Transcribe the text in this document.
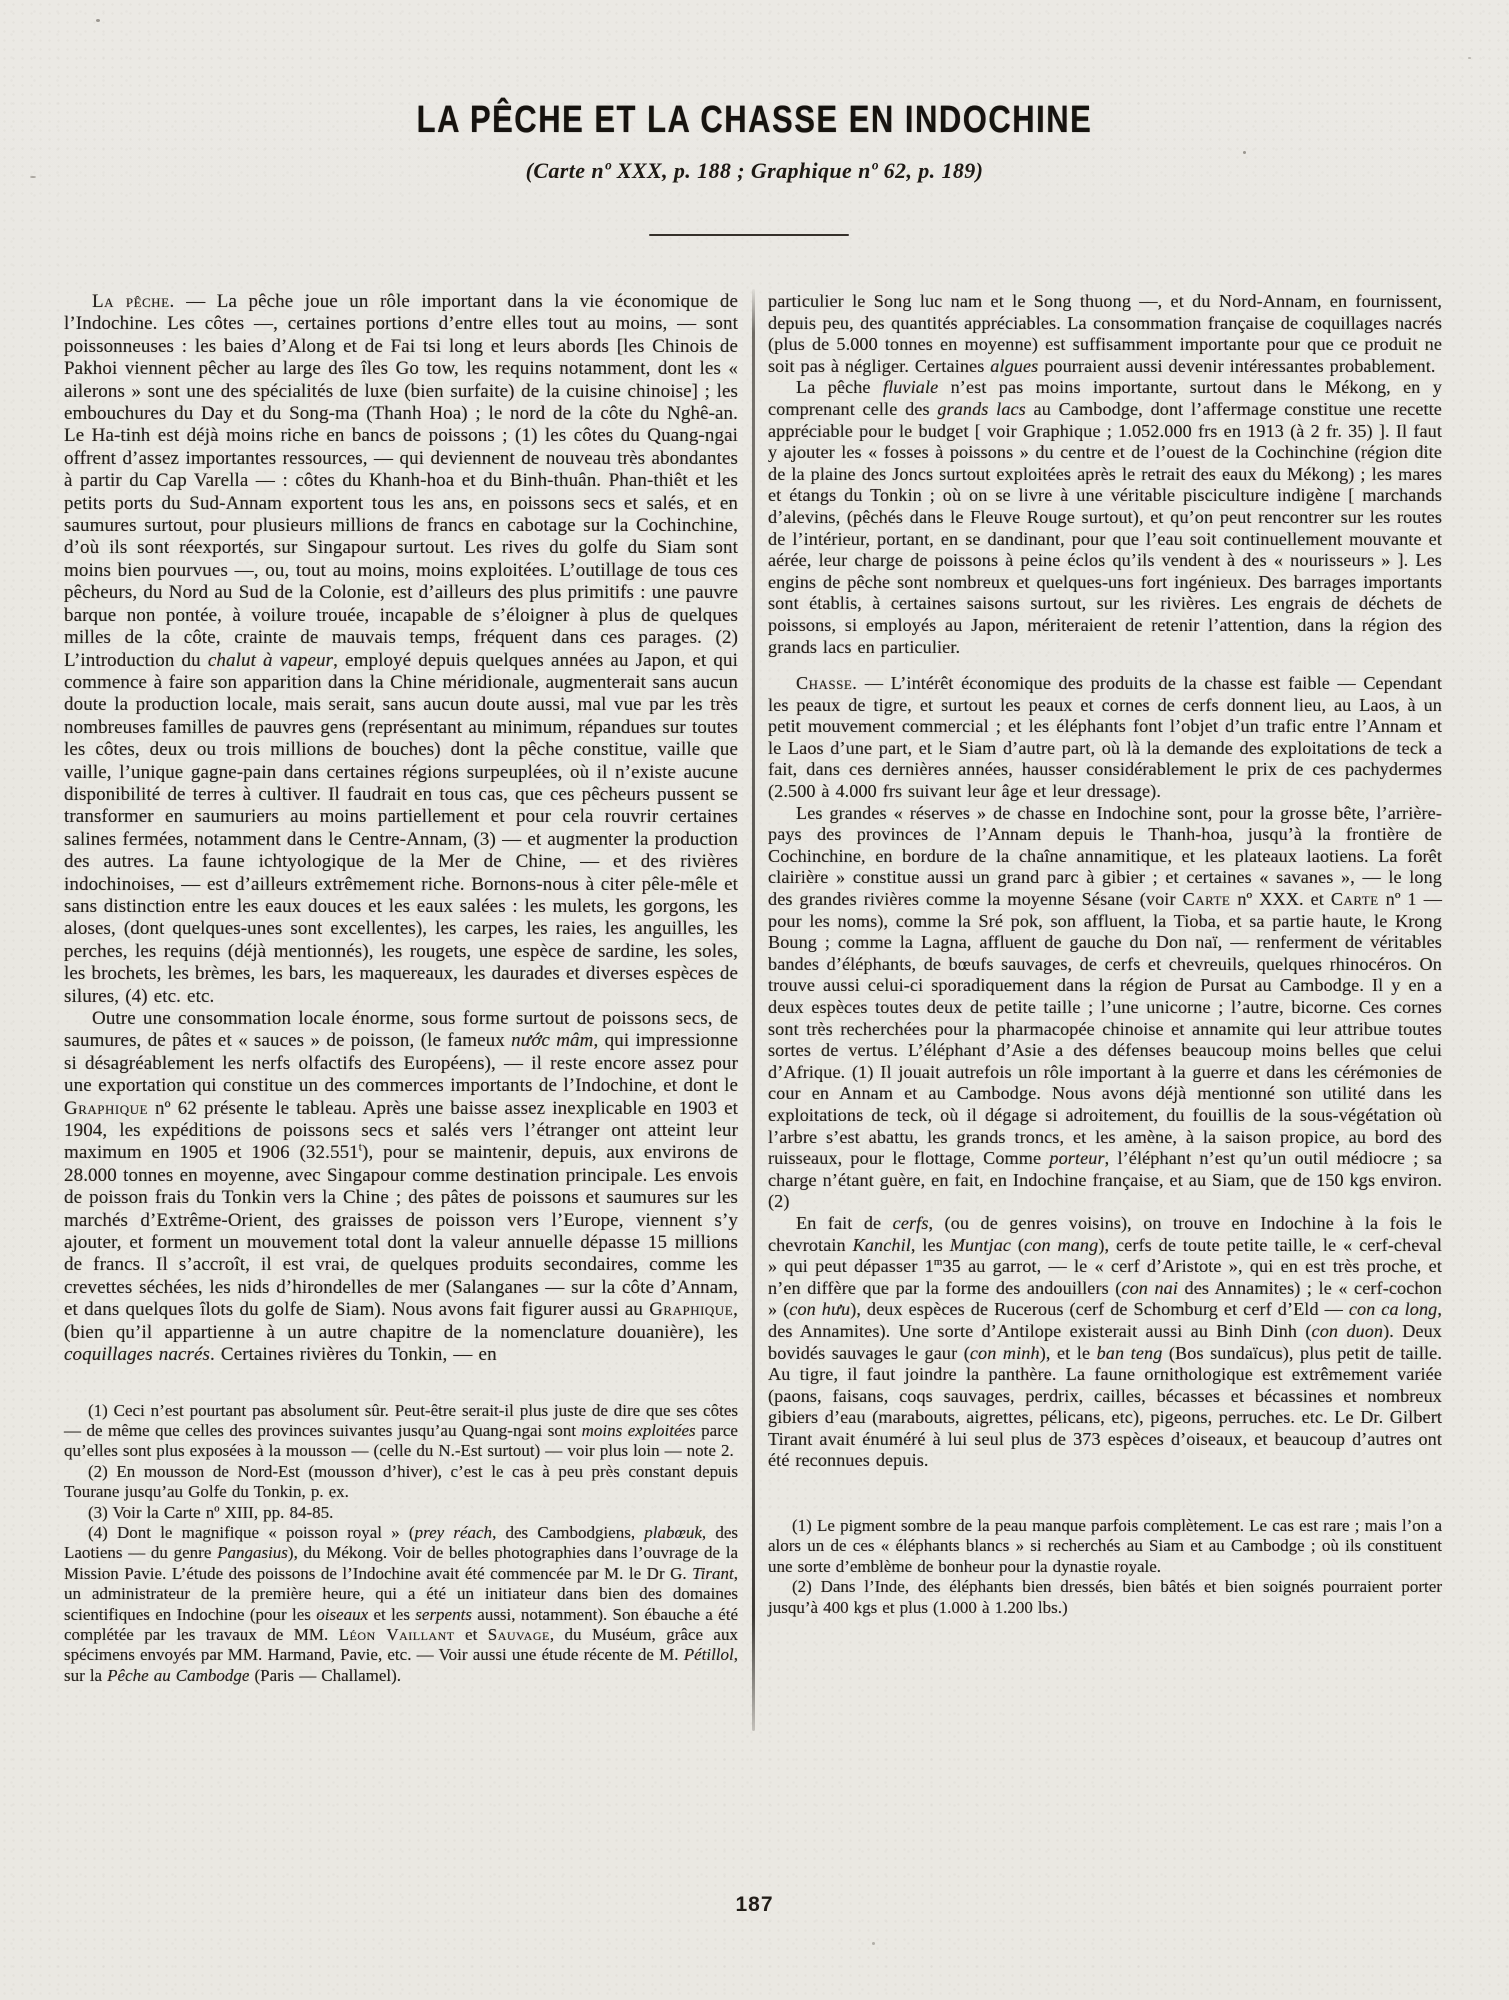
LA PÊCHE ET LA CHASSE EN INDOCHINE
(Carte nº XXX, p. 188 ; Graphique nº 62, p. 189)

La pêche. — La pêche joue un rôle important dans la vie économique de l’Indochine. Les côtes —, certaines portions d’entre elles tout au moins, — sont poissonneuses : les baies d’Along et de Fai tsi long et leurs abords [les Chinois de Pakhoi viennent pêcher au large des îles Go tow, les requins notamment, dont les « ailerons » sont une des spécialités de luxe (bien surfaite) de la cuisine chinoise] ; les embouchures du Day et du Song-ma (Thanh Hoa) ; le nord de la côte du Nghê-an. Le Ha-tinh est déjà moins riche en bancs de poissons ; (1) les côtes du Quang-ngai offrent d’assez importantes ressources, — qui deviennent de nouveau très abondantes à partir du Cap Varella — : côtes du Khanh-hoa et du Binh-thuân. Phan-thiêt et les petits ports du Sud-Annam exportent tous les ans, en poissons secs et salés, et en saumures surtout, pour plusieurs millions de francs en cabotage sur la Cochinchine, d’où ils sont réexportés, sur Singapour surtout. Les rives du golfe du Siam sont moins bien pourvues —, ou, tout au moins, moins exploitées. L’outillage de tous ces pêcheurs, du Nord au Sud de la Colonie, est d’ailleurs des plus primitifs : une pauvre barque non pontée, à voilure trouée, incapable de s’éloigner à plus de quelques milles de la côte, crainte de mauvais temps, fréquent dans ces parages. (2) L’introduction du chalut à vapeur, employé depuis quelques années au Japon, et qui commence à faire son apparition dans la Chine méridionale, augmenterait sans aucun doute la production locale, mais serait, sans aucun doute aussi, mal vue par les très nombreuses familles de pauvres gens (représentant au minimum, répandues sur toutes les côtes, deux ou trois millions de bouches) dont la pêche constitue, vaille que vaille, l’unique gagne-pain dans certaines régions surpeuplées, où il n’existe aucune disponibilité de terres à cultiver. Il faudrait en tous cas, que ces pêcheurs pussent se transformer en saumuriers au moins partiellement et pour cela rouvrir certaines salines fermées, notamment dans le Centre-Annam, (3) — et augmenter la production des autres. La faune ichtyologique de la Mer de Chine, — et des rivières indochinoises, — est d’ailleurs extrêmement riche. Bornons-nous à citer pêle-mêle et sans distinction entre les eaux douces et les eaux salées : les mulets, les gorgons, les aloses, (dont quelques-unes sont excellentes), les carpes, les raies, les anguilles, les perches, les requins (déjà mentionnés), les rougets, une espèce de sardine, les soles, les brochets, les brèmes, les bars, les maquereaux, les daurades et diverses espèces de silures, (4) etc. etc.

Outre une consommation locale énorme, sous forme surtout de poissons secs, de saumures, de pâtes et « sauces » de poisson, (le fameux nước mâm, qui impressionne si désagréablement les nerfs olfactifs des Européens), — il reste encore assez pour une exportation qui constitue un des commerces importants de l’Indochine, et dont le Graphique nº 62 présente le tableau. Après une baisse assez inexplicable en 1903 et 1904, les expéditions de poissons secs et salés vers l’étranger ont atteint leur maximum en 1905 et 1906 (32.551$^t$), pour se maintenir, depuis, aux environs de 28.000 tonnes en moyenne, avec Singapour comme destination principale. Les envois de poisson frais du Tonkin vers la Chine ; des pâtes de poissons et saumures sur les marchés d’Extrême-Orient, des graisses de poisson vers l’Europe, viennent s’y ajouter, et forment un mouvement total dont la valeur annuelle dépasse 15 millions de francs. Il s’accroît, il est vrai, de quelques produits secondaires, comme les crevettes séchées, les nids d’hirondelles de mer (Salanganes — sur la côte d’Annam, et dans quelques îlots du golfe de Siam). Nous avons fait figurer aussi au Graphique, (bien qu’il appartienne à un autre chapitre de la nomenclature douanière), les coquillages nacrés. Certaines rivières du Tonkin, — en

(1) Ceci n’est pourtant pas absolument sûr. Peut-être serait-il plus juste de dire que ses côtes — de même que celles des provinces suivantes jusqu’au Quang-ngai sont moins exploitées parce qu’elles sont plus exposées à la mousson — (celle du N.-Est surtout) — voir plus loin — note 2.

(2) En mousson de Nord-Est (mousson d’hiver), c’est le cas à peu près constant depuis Tourane jusqu’au Golfe du Tonkin, p. ex.

(3) Voir la Carte nº XIII, pp. 84-85.

(4) Dont le magnifique « poisson royal » (prey réach, des Cambodgiens, plabœuk, des Laotiens — du genre Pangasius), du Mékong. Voir de belles photographies dans l’ouvrage de la Mission Pavie. L’étude des poissons de l’Indochine avait été commencée par M. le Dr G. Tirant, un administrateur de la première heure, qui a été un initiateur dans bien des domaines scientifiques en Indochine (pour les oiseaux et les serpents aussi, notamment). Son ébauche a été complétée par les travaux de MM. Léon Vaillant et Sauvage, du Muséum, grâce aux spécimens envoyés par MM. Harmand, Pavie, etc. — Voir aussi une étude récente de M. Pétillol, sur la Pêche au Cambodge (Paris — Challamel).

particulier le Song luc nam et le Song thuong —, et du Nord-Annam, en fournissent, depuis peu, des quantités appréciables. La consommation française de coquillages nacrés (plus de 5.000 tonnes en moyenne) est suffisamment importante pour que ce produit ne soit pas à négliger. Certaines algues pourraient aussi devenir intéressantes probablement.

La pêche fluviale n’est pas moins importante, surtout dans le Mékong, en y comprenant celle des grands lacs au Cambodge, dont l’affermage constitue une recette appréciable pour le budget [ voir Graphique ; 1.052.000 frs en 1913 (à 2 fr. 35) ]. Il faut y ajouter les « fosses à poissons » du centre et de l’ouest de la Cochinchine (région dite de la plaine des Joncs surtout exploitées après le retrait des eaux du Mékong) ; les mares et étangs du Tonkin ; où on se livre à une véritable pisciculture indigène [ marchands d’alevins, (pêchés dans le Fleuve Rouge surtout), et qu’on peut rencontrer sur les routes de l’intérieur, portant, en se dandinant, pour que l’eau soit continuellement mouvante et aérée, leur charge de poissons à peine éclos qu’ils vendent à des « nourisseurs » ]. Les engins de pêche sont nombreux et quelques-uns fort ingénieux. Des barrages importants sont établis, à certaines saisons surtout, sur les rivières. Les engrais de déchets de poissons, si employés au Japon, mériteraient de retenir l’attention, dans la région des grands lacs en particulier.

Chasse. — L’intérêt économique des produits de la chasse est faible — Cependant les peaux de tigre, et surtout les peaux et cornes de cerfs donnent lieu, au Laos, à un petit mouvement commercial ; et les éléphants font l’objet d’un trafic entre l’Annam et le Laos d’une part, et le Siam d’autre part, où là la demande des exploitations de teck a fait, dans ces dernières années, hausser considérablement le prix de ces pachydermes (2.500 à 4.000 frs suivant leur âge et leur dressage).

Les grandes « réserves » de chasse en Indochine sont, pour la grosse bête, l’arrière-pays des provinces de l’Annam depuis le Thanh-hoa, jusqu’à la frontière de Cochinchine, en bordure de la chaîne annamitique, et les plateaux laotiens. La forêt clairière » constitue aussi un grand parc à gibier ; et certaines « savanes », — le long des grandes rivières comme la moyenne Sésane (voir Carte nº XXX. et Carte nº 1 — pour les noms), comme la Sré pok, son affluent, la Tioba, et sa partie haute, le Krong Boung ; comme la Lagna, affluent de gauche du Don naï, — renferment de véritables bandes d’éléphants, de bœufs sauvages, de cerfs et chevreuils, quelques rhinocéros. On trouve aussi celui-ci sporadiquement dans la région de Pursat au Cambodge. Il y en a deux espèces toutes deux de petite taille ; l’une unicorne ; l’autre, bicorne. Ces cornes sont très recherchées pour la pharmacopée chinoise et annamite qui leur attribue toutes sortes de vertus. L’éléphant d’Asie a des défenses beaucoup moins belles que celui d’Afrique. (1) Il jouait autrefois un rôle important à la guerre et dans les cérémonies de cour en Annam et au Cambodge. Nous avons déjà mentionné son utilité dans les exploitations de teck, où il dégage si adroitement, du fouillis de la sous-végétation où l’arbre s’est abattu, les grands troncs, et les amène, à la saison propice, au bord des ruisseaux, pour le flottage, Comme porteur, l’éléphant n’est qu’un outil médiocre ; sa charge n’étant guère, en fait, en Indochine française, et au Siam, que de 150 kgs environ. (2)

En fait de cerfs, (ou de genres voisins), on trouve en Indochine à la fois le chevrotain Kanchil, les Muntjac (con mang), cerfs de toute petite taille, le « cerf-cheval » qui peut dépasser 1$^m$35 au garrot, — le « cerf d’Aristote », qui en est très proche, et n’en diffère que par la forme des andouillers (con nai des Annamites) ; le « cerf-cochon » (con hưu), deux espèces de Rucerous (cerf de Schomburg et cerf d’Eld — con ca long, des Annamites). Une sorte d’Antilope existerait aussi au Binh Dinh (con duon). Deux bovidés sauvages le gaur (con minh), et le ban teng (Bos sundaïcus), plus petit de taille. Au tigre, il faut joindre la panthère. La faune ornithologique est extrêmement variée (paons, faisans, coqs sauvages, perdrix, cailles, bécasses et bécassines et nombreux gibiers d’eau (marabouts, aigrettes, pélicans, etc), pigeons, perruches. etc. Le Dr. Gilbert Tirant avait énuméré à lui seul plus de 373 espèces d’oiseaux, et beaucoup d’autres ont été reconnues depuis.

(1) Le pigment sombre de la peau manque parfois complètement. Le cas est rare ; mais l’on a alors un de ces « éléphants blancs » si recherchés au Siam et au Cambodge ; où ils constituent une sorte d’emblème de bonheur pour la dynastie royale.

(2) Dans l’Inde, des éléphants bien dressés, bien bâtés et bien soignés pourraient porter jusqu’à 400 kgs et plus (1.000 à 1.200 lbs.)

187
